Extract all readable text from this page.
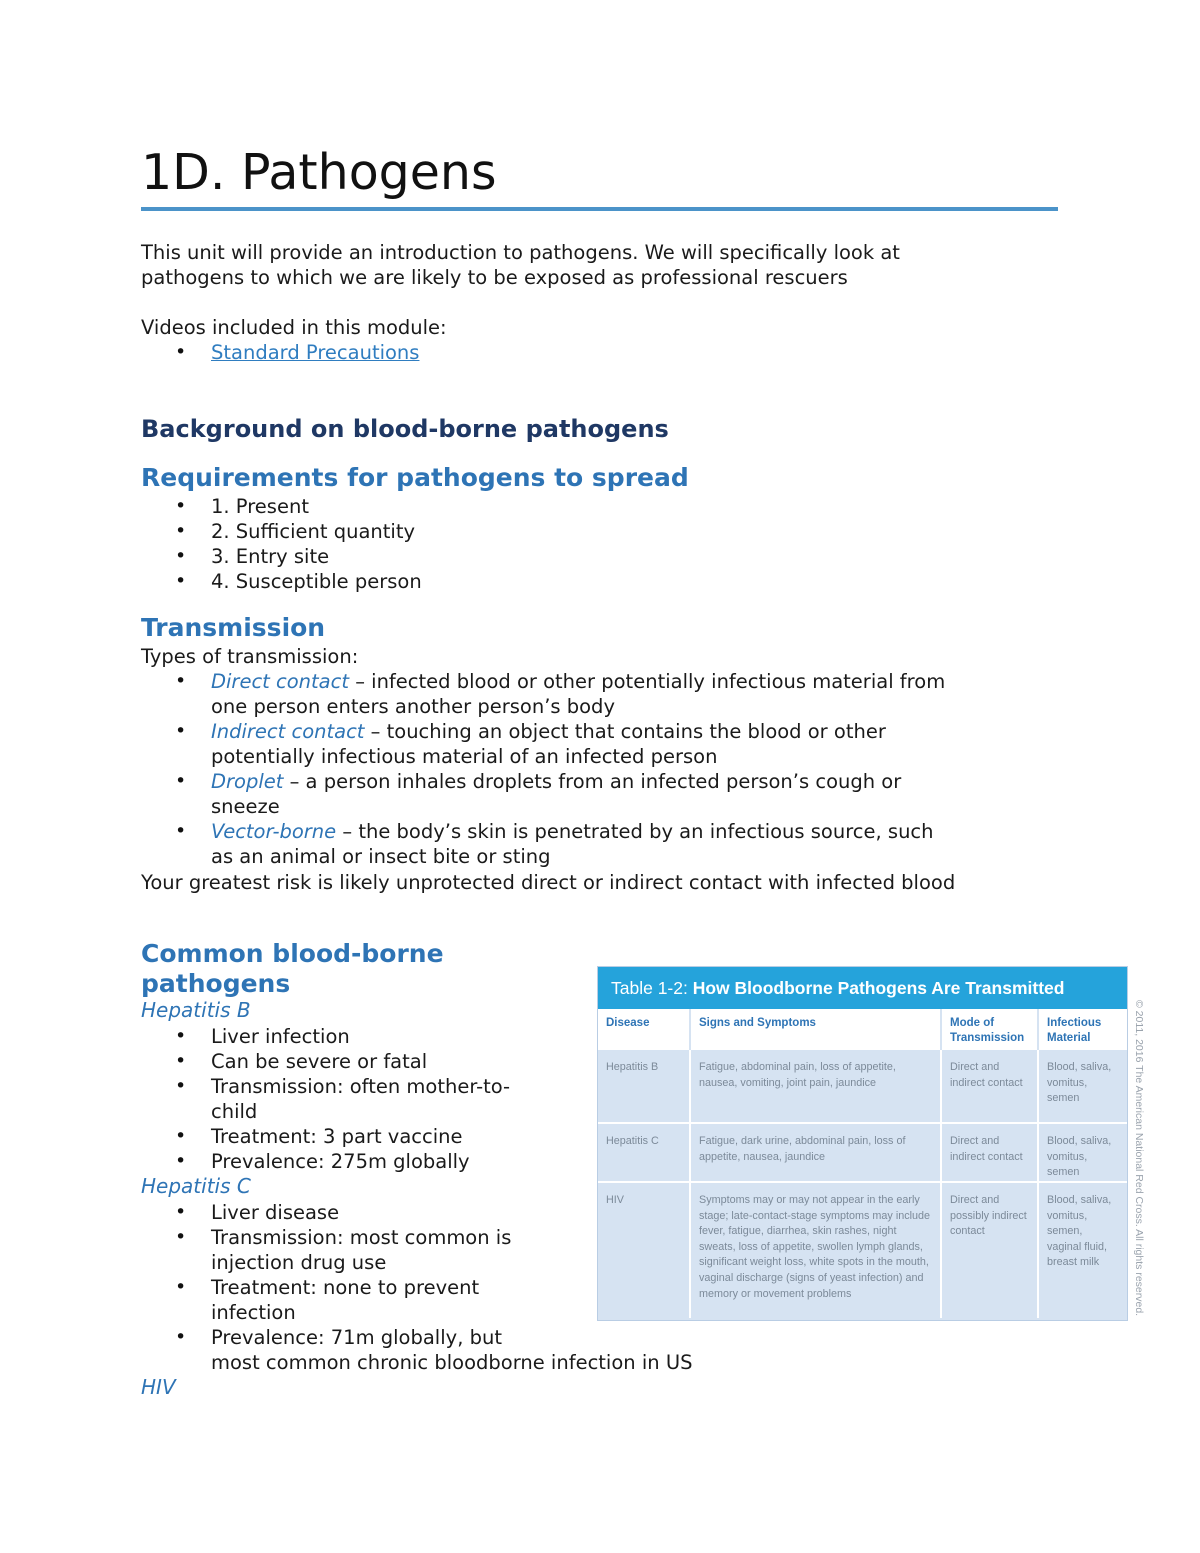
1D. Pathogens
This unit will provide an introduction to pathogens. We will specifically look at
pathogens to which we are likely to be exposed as professional rescuers
Videos included in this module:
• Standard Precautions
Background on blood-borne pathogens
Requirements for pathogens to spread
• 1. Present
• 2. Sufficient quantity
• 3. Entry site
• 4. Susceptible person
Transmission
Types of transmission:
• Direct contact – infected blood or other potentially infectious material from
one person enters another person’s body
• Indirect contact – touching an object that contains the blood or other
potentially infectious material of an infected person
• Droplet – a person inhales droplets from an infected person’s cough or
sneeze
• Vector-borne – the body’s skin is penetrated by an infectious source, such
as an animal or insect bite or sting
Your greatest risk is likely unprotected direct or indirect contact with infected blood
Common blood-borne
pathogens
Hepatitis B
• Liver infection
• Can be severe or fatal
• Transmission: often mother-to-
child
• Treatment: 3 part vaccine
• Prevalence: 275m globally
Hepatitis C
• Liver disease
• Transmission: most common is
injection drug use
• Treatment: none to prevent
infection
• Prevalence: 71m globally, but
most common chronic bloodborne infection in US
HIV
Table 1-2: How Bloodborne Pathogens Are Transmitted
Disease	Signs and Symptoms	Mode of Transmission	Infectious Material
Hepatitis B	Fatigue, abdominal pain, loss of appetite, nausea, vomiting, joint pain, jaundice	Direct and indirect contact	Blood, saliva, vomitus, semen
Hepatitis C	Fatigue, dark urine, abdominal pain, loss of appetite, nausea, jaundice	Direct and indirect contact	Blood, saliva, vomitus, semen
HIV	Symptoms may or may not appear in the early stage; late-contact-stage symptoms may include fever, fatigue, diarrhea, skin rashes, night sweats, loss of appetite, swollen lymph glands, significant weight loss, white spots in the mouth, vaginal discharge (signs of yeast infection) and memory or movement problems	Direct and possibly indirect contact	Blood, saliva, vomitus, semen, vaginal fluid, breast milk	© 2011, 2016 The American National Red Cross. All rights reserved.
